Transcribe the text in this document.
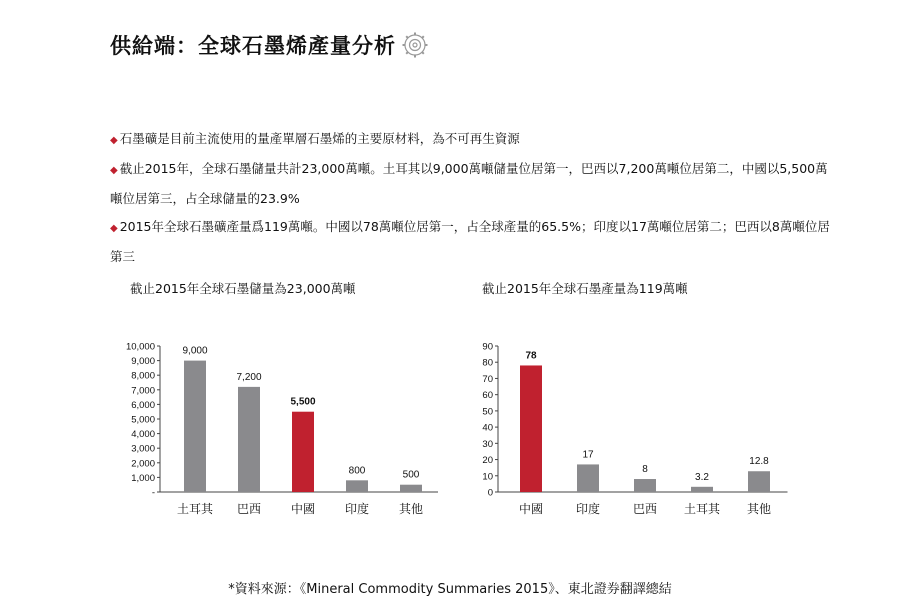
供給端：全球石墨烯產量分析

◆ 石墨礦是目前主流使用的量產單層石墨烯的主要原材料，為不可再生資源

◆ 截止2015年，全球石墨儲量共計23,000萬噸。土耳其以9,000萬噸儲量位居第一，巴西以7,200萬噸位居第二，中國以5,500萬噸位居第三，占全球儲量的23.9%

◆ 2015年全球石墨礦產量爲119萬噸。中國以78萬噸位居第一，占全球產量的65.5%；印度以17萬噸位居第二；巴西以8萬噸位居第三

截止2015年全球石墨儲量為23,000萬噸	截止2015年全球石墨產量為119萬噸
-
1,000
2,000
3,000
4,000
5,000
6,000
7,000
8,000
9,000
10,000	9,000
土耳其
7,200
巴西
5,500
中國
800
印度
500
其他
0
10
20
30
40
50
60
70
80
90
78
中國
17
印度
8
巴西
3.2
土耳其
12.8
其他
*資料來源：《Mineral Commodity Summaries 2015》、東北證券翻譯總結
